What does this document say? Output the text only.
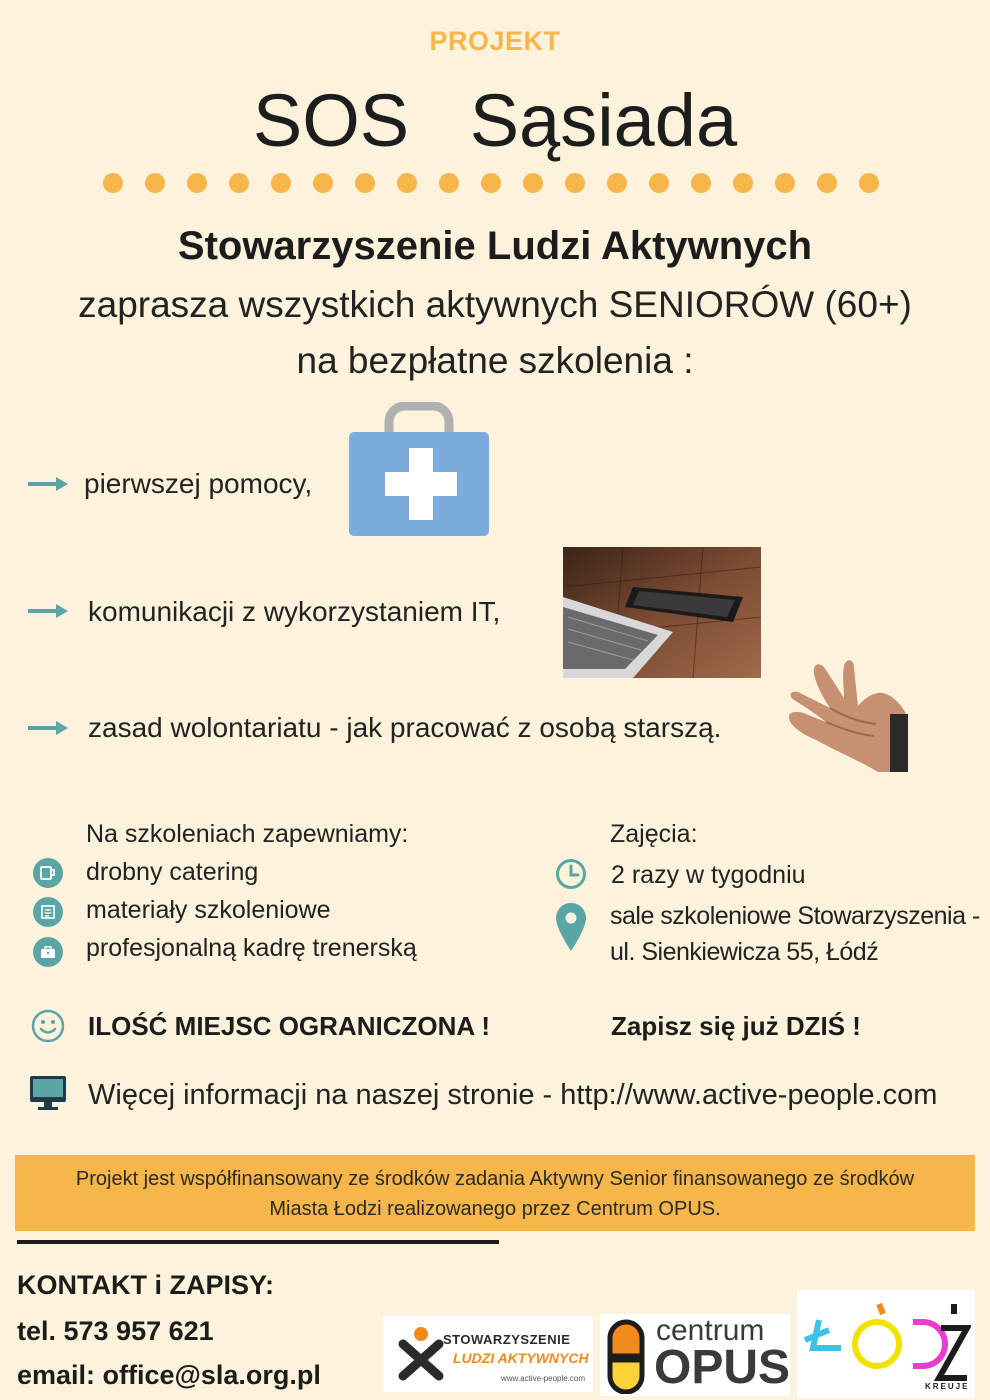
PROJEKT
SOS Sąsiada
Stowarzyszenie Ludzi Aktywnych
zaprasza wszystkich aktywnych SENIORÓW (60+)
na bezpłatne szkolenia :
pierwszej pomocy,
komunikacji z wykorzystaniem IT,
zasad wolontariatu - jak pracować z osobą starszą.
Na szkoleniach zapewniamy:
drobny catering
materiały szkoleniowe
profesjonalną kadrę trenerską
Zajęcia:
2 razy w tygodniu
sale szkoleniowe Stowarzyszenia -
ul. Sienkiewicza 55, Łódź
ILOŚĆ MIEJSC OGRANICZONA !	Zapisz się już DZIŚ !
Więcej informacji na naszej stronie - http://www.active-people.com
Projekt jest współfinansowany ze środków zadania Aktywny Senior finansowanego ze środków
Miasta Łodzi realizowanego przez Centrum OPUS.
KONTAKT i ZAPISY:
tel. 573 957 621
email: office@sla.org.pl
STOWARZYSZENIE
LUDZI AKTYWNYCH
www.active-people.com
centrum
OPUS	KREUJE
